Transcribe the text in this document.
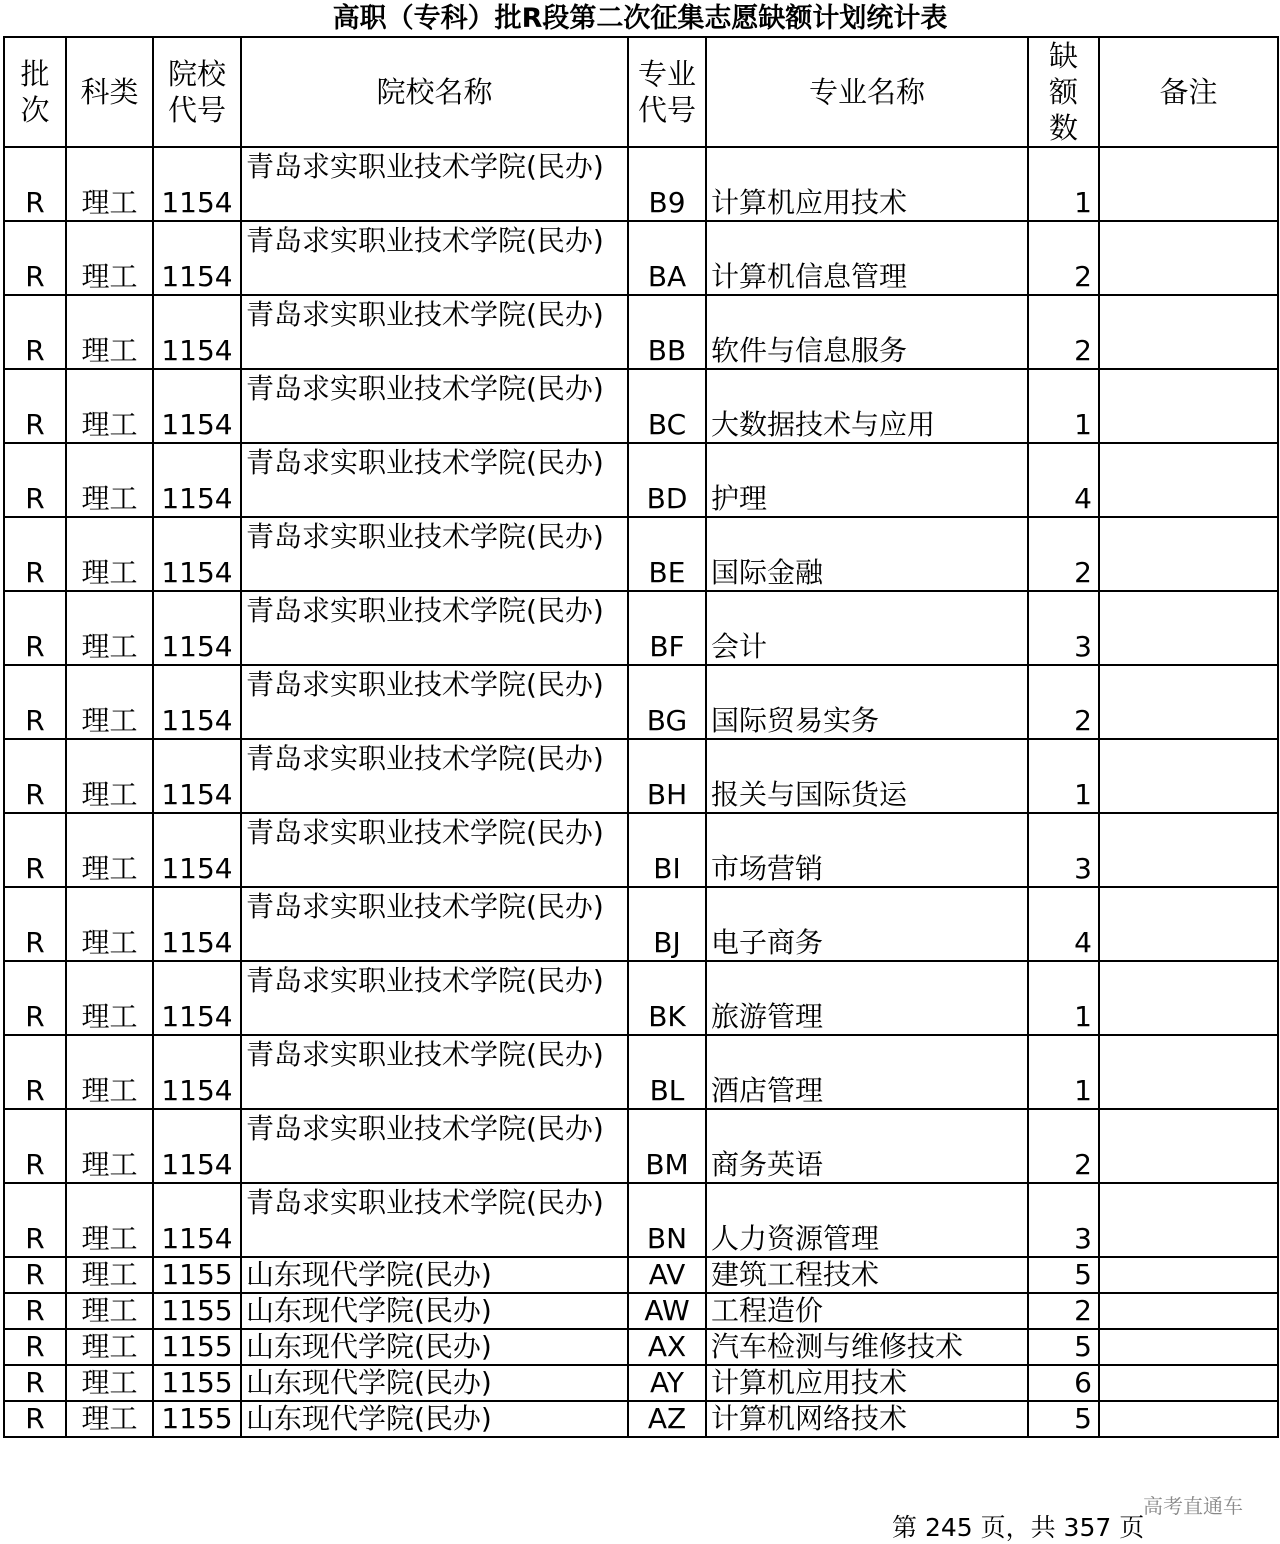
高职（专科）批R段第二次征集志愿缺额计划统计表
批次	科类	院校代号	院校名称	专业代号	专业名称	缺额数	备注
R	理工	1154	青岛求实职业技术学院(民办)	B9	计算机应用技术	1	
R	理工	1154	青岛求实职业技术学院(民办)	BA	计算机信息管理	2	
R	理工	1154	青岛求实职业技术学院(民办)	BB	软件与信息服务	2	
R	理工	1154	青岛求实职业技术学院(民办)	BC	大数据技术与应用	1	
R	理工	1154	青岛求实职业技术学院(民办)	BD	护理	4	
R	理工	1154	青岛求实职业技术学院(民办)	BE	国际金融	2	
R	理工	1154	青岛求实职业技术学院(民办)	BF	会计	3	
R	理工	1154	青岛求实职业技术学院(民办)	BG	国际贸易实务	2	
R	理工	1154	青岛求实职业技术学院(民办)	BH	报关与国际货运	1	
R	理工	1154	青岛求实职业技术学院(民办)	BI	市场营销	3	
R	理工	1154	青岛求实职业技术学院(民办)	BJ	电子商务	4	
R	理工	1154	青岛求实职业技术学院(民办)	BK	旅游管理	1	
R	理工	1154	青岛求实职业技术学院(民办)	BL	酒店管理	1	
R	理工	1154	青岛求实职业技术学院(民办)	BM	商务英语	2	
R	理工	1154	青岛求实职业技术学院(民办)	BN	人力资源管理	3	
R	理工	1155	山东现代学院(民办)	AV	建筑工程技术	5	
R	理工	1155	山东现代学院(民办)	AW	工程造价	2	
R	理工	1155	山东现代学院(民办)	AX	汽车检测与维修技术	5	
R	理工	1155	山东现代学院(民办)	AY	计算机应用技术	6	
R	理工	1155	山东现代学院(民办)	AZ	计算机网络技术	5	
高考直通车
第 245 页，共 357 页
